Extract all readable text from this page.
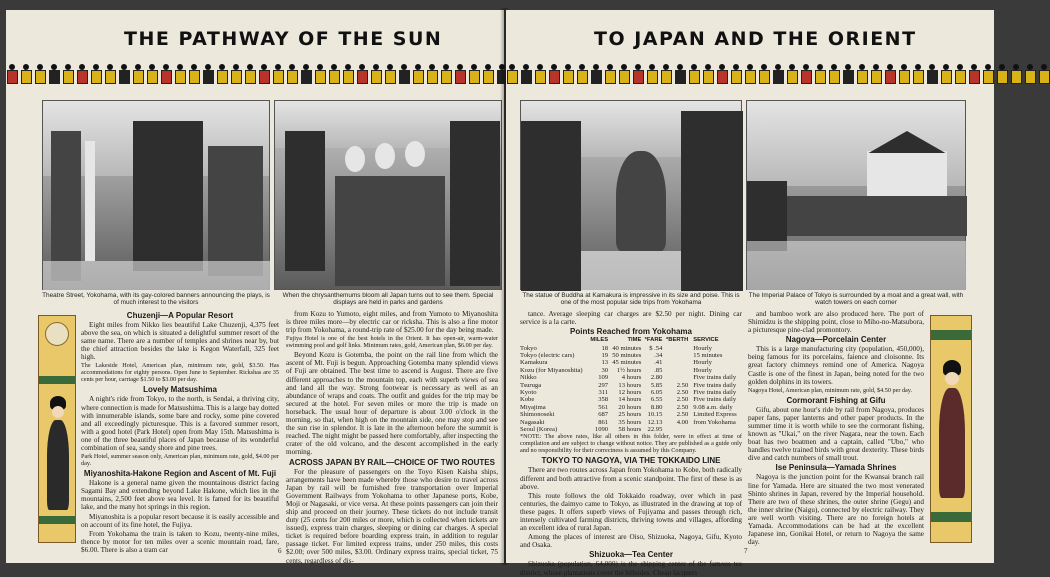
THE PATHWAY OF THE SUN
Theatre Street, Yokohama, with its gay-colored banners announcing the plays, is of much interest to the visitors
When the chrysanthemums bloom all Japan turns out to see them. Special displays are held in parks and gardens
Chuzenji—A Popular Resort

Eight miles from Nikko lies beautiful Lake Chuzenji, 4,375 feet above the sea, on which is situated a delightful summer resort of the same name. There are a number of temples and shrines near by, but the chief attraction besides the lake is Kegon Waterfall, 325 feet high.

The Lakeside Hotel, American plan, minimum rate, gold, $3.50. Has accommodations for eighty persons. Open June to September. Rickshas are 35 cents per hour, carriage $1.50 to $3.00 per day.

Lovely Matsushima

A night's ride from Tokyo, to the north, is Sendai, a thriving city, where connection is made for Matsushima. This is a large bay dotted with innumerable islands, some bare and rocky, some pine covered and all exceedingly picturesque. This is a favored summer resort, with a good hotel (Park Hotel) open from May 15th. Matsushima is one of the three beautiful places of Japan because of its wonderful combination of sea, sandy shore and pine trees.

Park Hotel, summer season only, American plan, minimum rate, gold, $4.00 per day.

Miyanoshita-Hakone Region and Ascent of Mt. Fuji

Hakone is a general name given the mountainous district facing Sagami Bay and extending beyond Lake Hakone, which lies in the mountains, 2,500 feet above sea level. It is famed for its beautiful lake, and the many hot springs in this region.

Miyanoshita is a popular resort because it is easily accessible and on account of its fine hotel, the Fujiya.

From Yokohama the train is taken to Kozu, twenty-nine miles, thence by motor for ten miles over a scenic mountain road, fare, $6.00. There is also a tram car

from Kozu to Yumoto, eight miles, and from Yumoto to Miyanoshita is three miles more—by electric car or ricksha. This is also a fine motor trip from Yokohama, a round-trip rate of $25.00 for the day being made.

Fujiya Hotel is one of the best hotels in the Orient. It has open-air, warm-water swimming pool and golf links. Minimum rates, gold, American plan, $6.00 per day.

Beyond Kozu is Gotemba, the point on the rail line from which the ascent of Mt. Fuji is begun. Approaching Gotemba many splendid views of Fuji are obtained. The best time to ascend is August. There are five different approaches to the mountain top, each with superb views of sea and land all the way. Strong footwear is necessary as well as an abundance of wraps and coats. The outfit and guides for the trip may be secured at the hotel. For seven miles or more the trip is made on horseback. The usual hour of departure is about 3.00 o'clock in the morning, so that, when high on the mountain side, one may stop and see the sun rise in splendor. It is late in the afternoon before the summit is reached. The night might be passed here comfortably, after inspecting the crater of the old volcano, and the descent accomplished in the early morning.

ACROSS JAPAN BY RAIL—CHOICE OF TWO ROUTES

For the pleasure of passengers on the Toyo Kisen Kaisha ships, arrangements have been made whereby those who desire to travel across Japan by rail will be furnished free transportation over Imperial Government Railways from Yokohama to other Japanese ports, Kobe, Moji or Nagasaki, or vice versa. At these points passengers can join their ship and proceed on their journey. These tickets do not include transit duty (25 cents for 200 miles or more, which is collected when tickets are issued), express train charges, sleeping or dining car charges. A special ticket is required before boarding express train, in addition to regular passage ticket. For limited express trains, under 250 miles, this costs $2.00; over 500 miles, $3.00. Ordinary express trains, special ticket, 75 cents, regardless of dis-

6
TO JAPAN AND THE ORIENT
The statue of Buddha at Kamakura is impressive in its size and poise. This is one of the most popular side trips from Yokohama
The Imperial Palace of Tokyo is surrounded by a moat and a great wall, with watch towers on each corner

tance. Average sleeping car charges are $2.50 per night. Dining car service is a la carte.

Points Reached from Yokohama
	MILES	TIME	*FARE	*BERTH	SERVICE
Tokyo	18	40 minutes	$ .54		Hourly
Tokyo (electric cars)	19	50 minutes	.34		15 minutes
Kamakura	13	45 minutes	.41		Hourly
Kozu (for Miyanoshita)	30	1½ hours	.85		Hourly
Nikko	109	4 hours	2.80		Five trains daily
Tsuruga	297	13 hours	5.85	2.50	Five trains daily
Kyoto	311	12 hours	6.05	2.50	Five trains daily
Kobe	358	14 hours	6.55	2.50	Five trains daily
Miyajima	561	20 hours	8.80	2.50	9.08 a.m. daily
Shimonoseki	687	25 hours	10.15	2.50	Limited Express
Nagasaki	861	35 hours	12.13	4.00	from Yokohama
Seoul (Korea)	1090	58 hours	22.95		

*NOTE: The above rates, like all others in this folder, were in effect at time of compilation and are subject to change without notice. They are published as a guide only and no responsibility for their correctness is assumed by this Company.

TOKYO TO NAGOYA, VIA THE TOKKAIDO LINE

There are two routes across Japan from Yokohama to Kobe, both radically different and both attractive from a scenic standpoint. The first of these is as above.

This route follows the old Tokkaido roadway, over which in past centuries, the daimyo came to Tokyo, as illustrated in the drawing at top of these pages. It offers superb views of Fujiyama and passes through rich, intensely cultivated farming districts, thriving towns and villages, affording an excellent idea of rural Japan.

Among the places of interest are Oiso, Shizuoka, Nagoya, Gifu, Kyoto and Osaka.

Shizuoka—Tea Center

Shizuoka (population, 64,000) is the shipping center of the famous tea district, whose plantations cover the hillsides. Cheap lacquers

and bamboo work are also produced here. The port of Shimidzu is the shipping point, close to Miho-no-Matsubora, a picturesque pine-clad promontory.

Nagoya—Porcelain Center

This is a large manufacturing city (population, 450,000), being famous for its porcelains, faience and cloisonne. Its great factory chimneys remind one of America. Nagoya Castle is one of the finest in Japan, being noted for the two golden dolphins in its towers.

Nagoya Hotel, American plan, minimum rate, gold, $4.50 per day.

Cormorant Fishing at Gifu

Gifu, about one hour's ride by rail from Nagoya, produces paper fans, paper lanterns and other paper products. In the summer time it is worth while to see the cormorant fishing, known as "Ukai," on the river Nagara, near the town. Each boat has two boatmen and a captain, called "Ubo," who handles twelve trained birds with great dexterity. These birds dive and catch numbers of small trout.

Ise Peninsula—Yamada Shrines

Nagoya is the junction point for the Kwansai branch rail line for Yamada. Here are situated the two most venerated Shinto shrines in Japan, revered by the Imperial household. There are two of these shrines, the outer shrine (Gegu) and the inner shrine (Naigu), connected by electric railway. They are well worth visiting. There are no foreign hotels at Yamada. Accommodations can be had at the excellent Japanese inn, Gonikai Hotel, or return to Nagoya the same day.

7
